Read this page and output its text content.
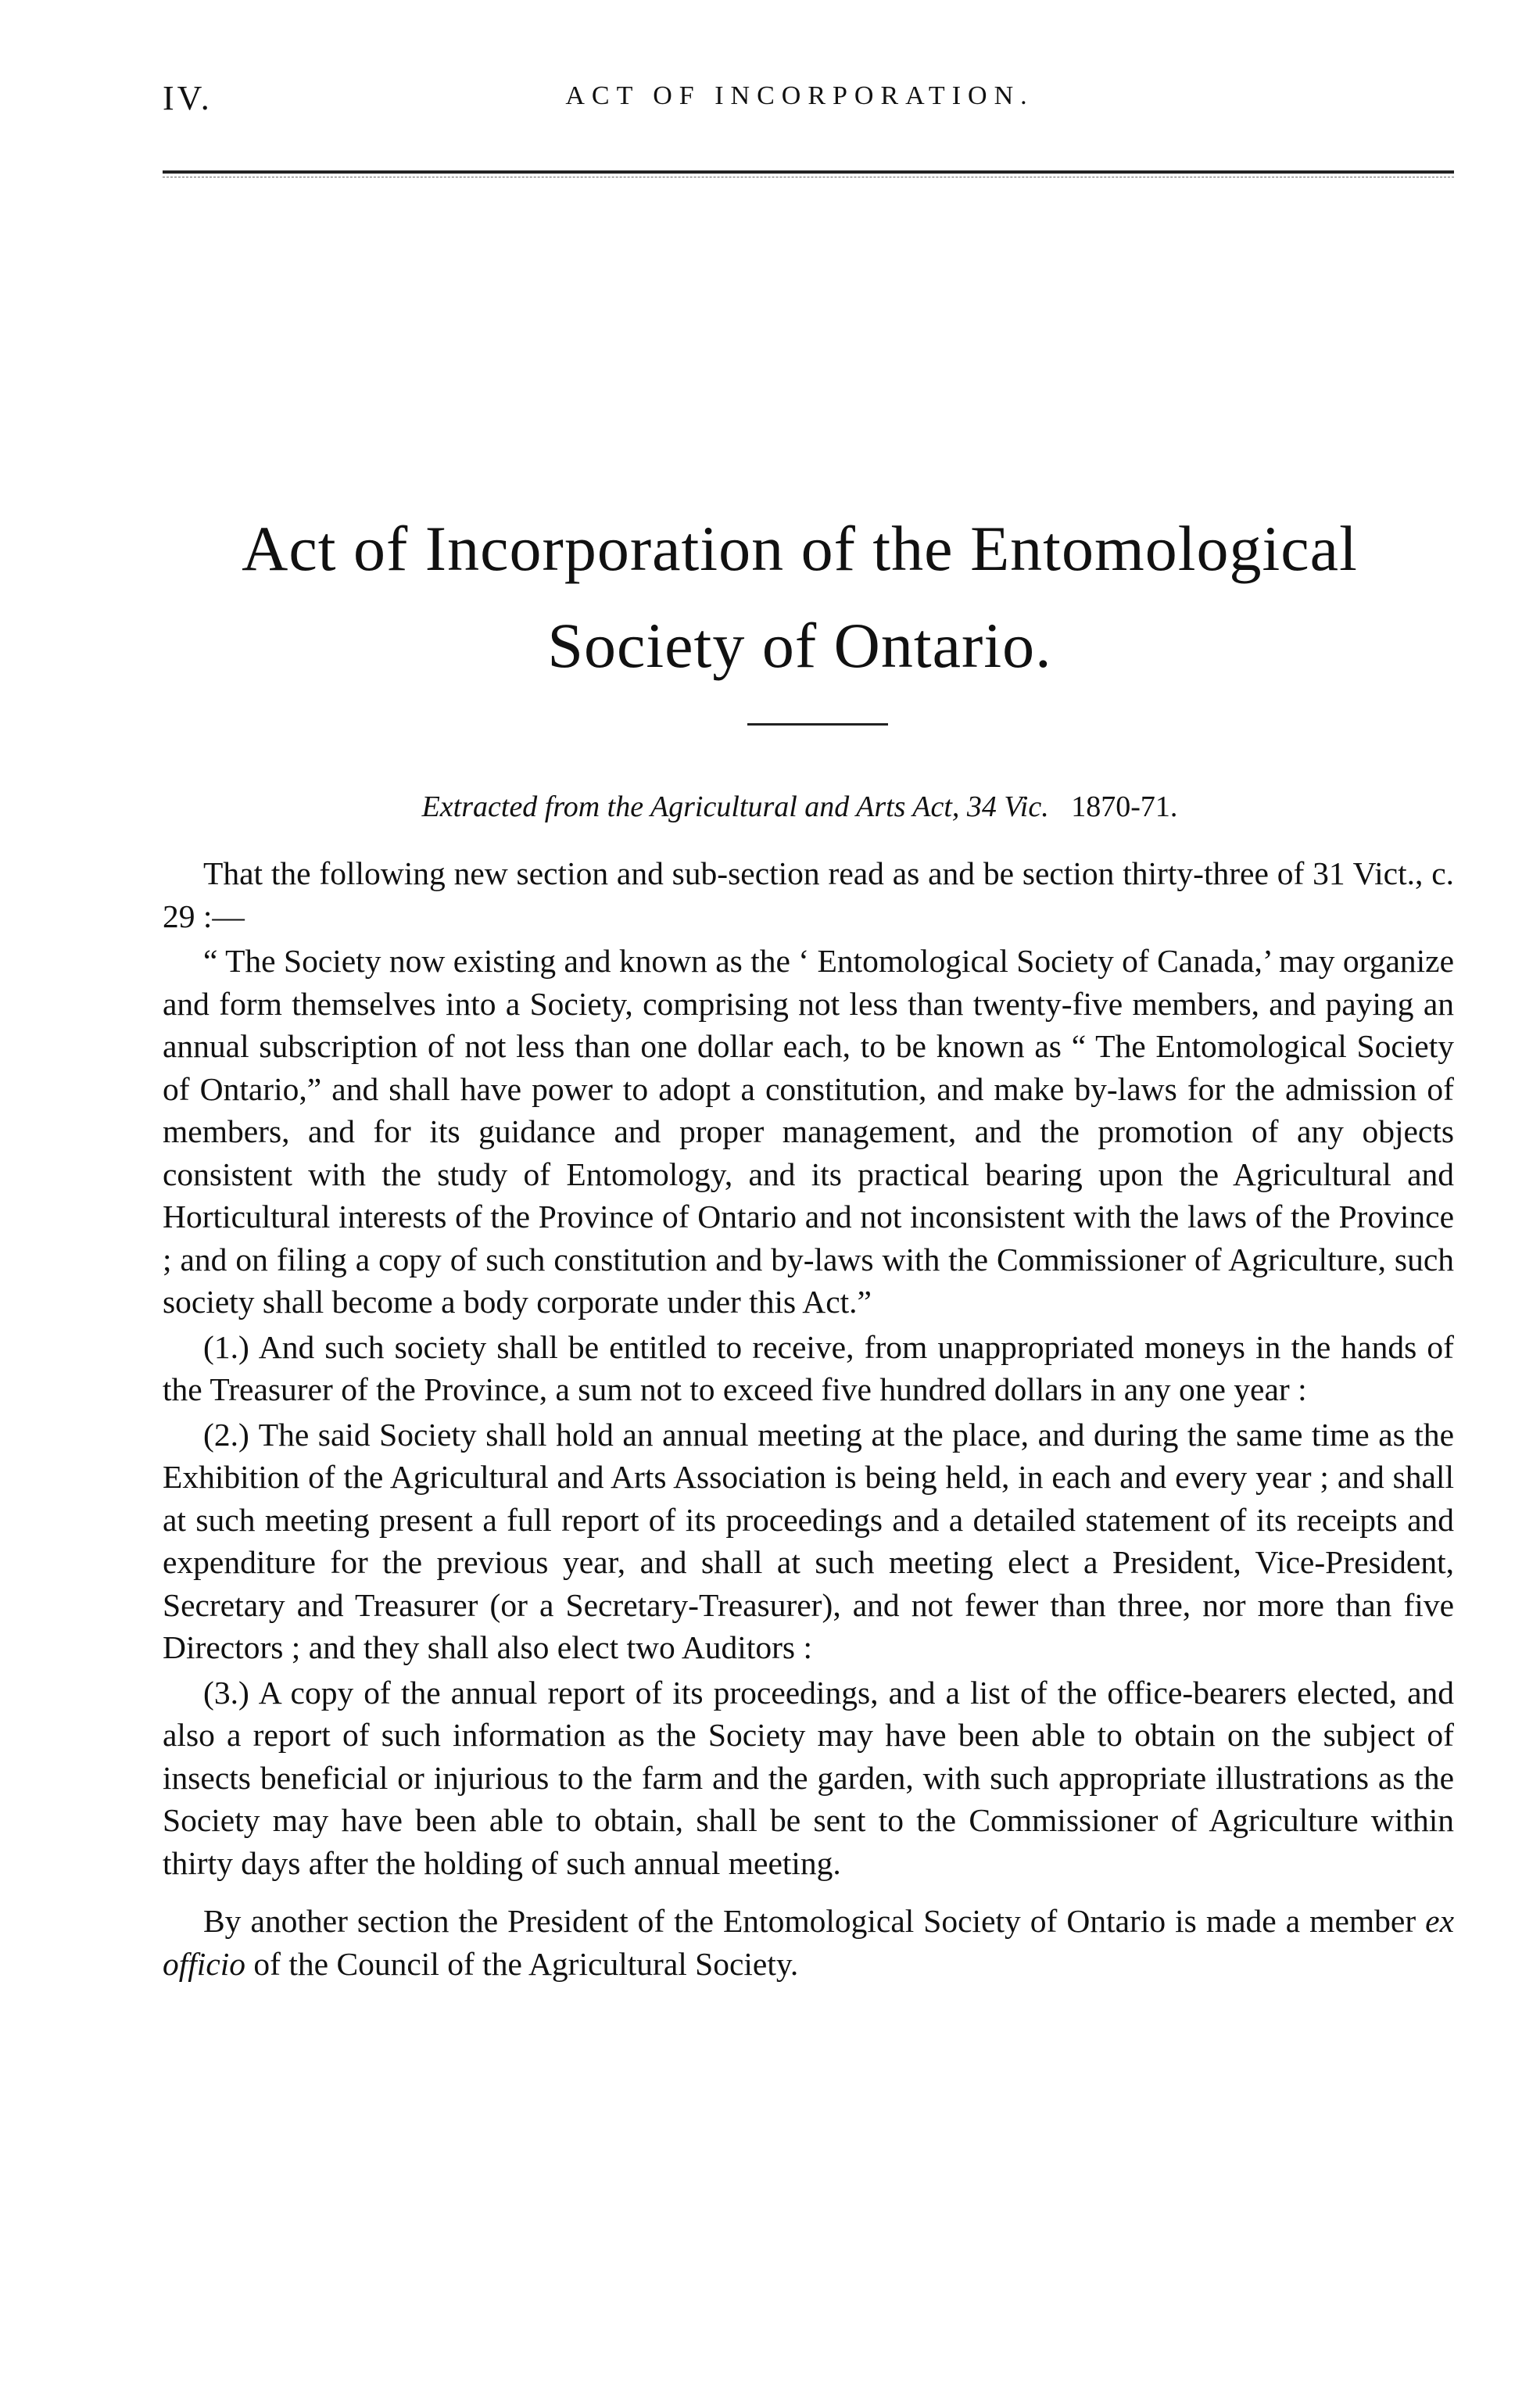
IV.	ACT OF INCORPORATION.
Act of Incorporation of the Entomological
Society of Ontario.
Extracted from the Agricultural and Arts Act, 34 Vic. 1870-71.

That the following new section and sub-section read as and be section thirty-three of 31 Vict., c. 29 :—

“ The Society now existing and known as the ‘ Entomological Society of Canada,’ may organize and form themselves into a Society, comprising not less than twenty-five members, and paying an annual subscription of not less than one dollar each, to be known as “ The Entomological Society of Ontario,” and shall have power to adopt a constitution, and make by-laws for the admission of members, and for its guidance and proper management, and the promotion of any objects consistent with the study of Entomology, and its practical bearing upon the Agricultural and Horticultural interests of the Province of Ontario and not inconsistent with the laws of the Province ; and on filing a copy of such constitution and by-laws with the Commissioner of Agriculture, such society shall become a body corporate under this Act.”

(1.) And such society shall be entitled to receive, from unappropriated moneys in the hands of the Treasurer of the Province, a sum not to exceed five hundred dollars in any one year :

(2.) The said Society shall hold an annual meeting at the place, and during the same time as the Exhibition of the Agricultural and Arts Association is being held, in each and every year ; and shall at such meeting present a full report of its proceedings and a detailed statement of its receipts and expenditure for the previous year, and shall at such meeting elect a President, Vice-President, Secretary and Treasurer (or a Secretary-Treasurer), and not fewer than three, nor more than five Directors ; and they shall also elect two Auditors :

(3.) A copy of the annual report of its proceedings, and a list of the office-bearers elected, and also a report of such information as the Society may have been able to obtain on the subject of insects beneficial or injurious to the farm and the garden, with such appropriate illustrations as the Society may have been able to obtain, shall be sent to the Commissioner of Agriculture within thirty days after the holding of such annual meeting.

By another section the President of the Entomological Society of Ontario is made a member ex officio of the Council of the Agricultural Society.
